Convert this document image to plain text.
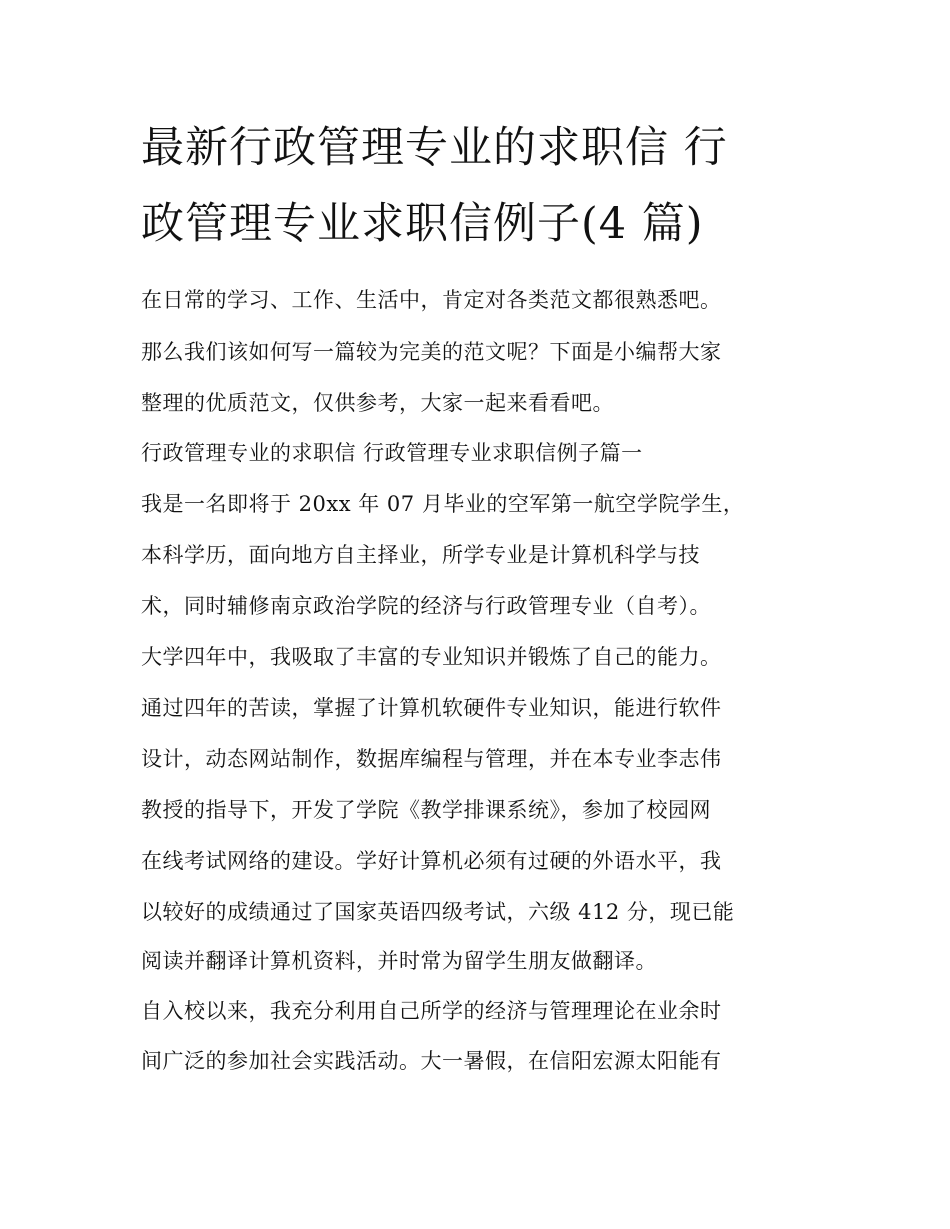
最新行政管理专业的求职信 行
政管理专业求职信例子(4 篇)

在日常的学习、工作、生活中，肯定对各类范文都很熟悉吧。

那么我们该如何写一篇较为完美的范文呢？下面是小编帮大家

整理的优质范文，仅供参考，大家一起来看看吧。

行政管理专业的求职信 行政管理专业求职信例子篇一

我是一名即将于 20xx 年 07 月毕业的空军第一航空学院学生，

本科学历，面向地方自主择业，所学专业是计算机科学与技

术，同时辅修南京政治学院的经济与行政管理专业（自考）。

大学四年中，我吸取了丰富的专业知识并锻炼了自己的能力。

通过四年的苦读，掌握了计算机软硬件专业知识，能进行软件

设计，动态网站制作，数据库编程与管理，并在本专业李志伟

教授的指导下，开发了学院《教学排课系统》，参加了校园网

在线考试网络的建设。学好计算机必须有过硬的外语水平，我

以较好的成绩通过了国家英语四级考试，六级 412 分，现已能

阅读并翻译计算机资料，并时常为留学生朋友做翻译。

自入校以来，我充分利用自己所学的经济与管理理论在业余时

间广泛的参加社会实践活动。大一暑假，在信阳宏源太阳能有
